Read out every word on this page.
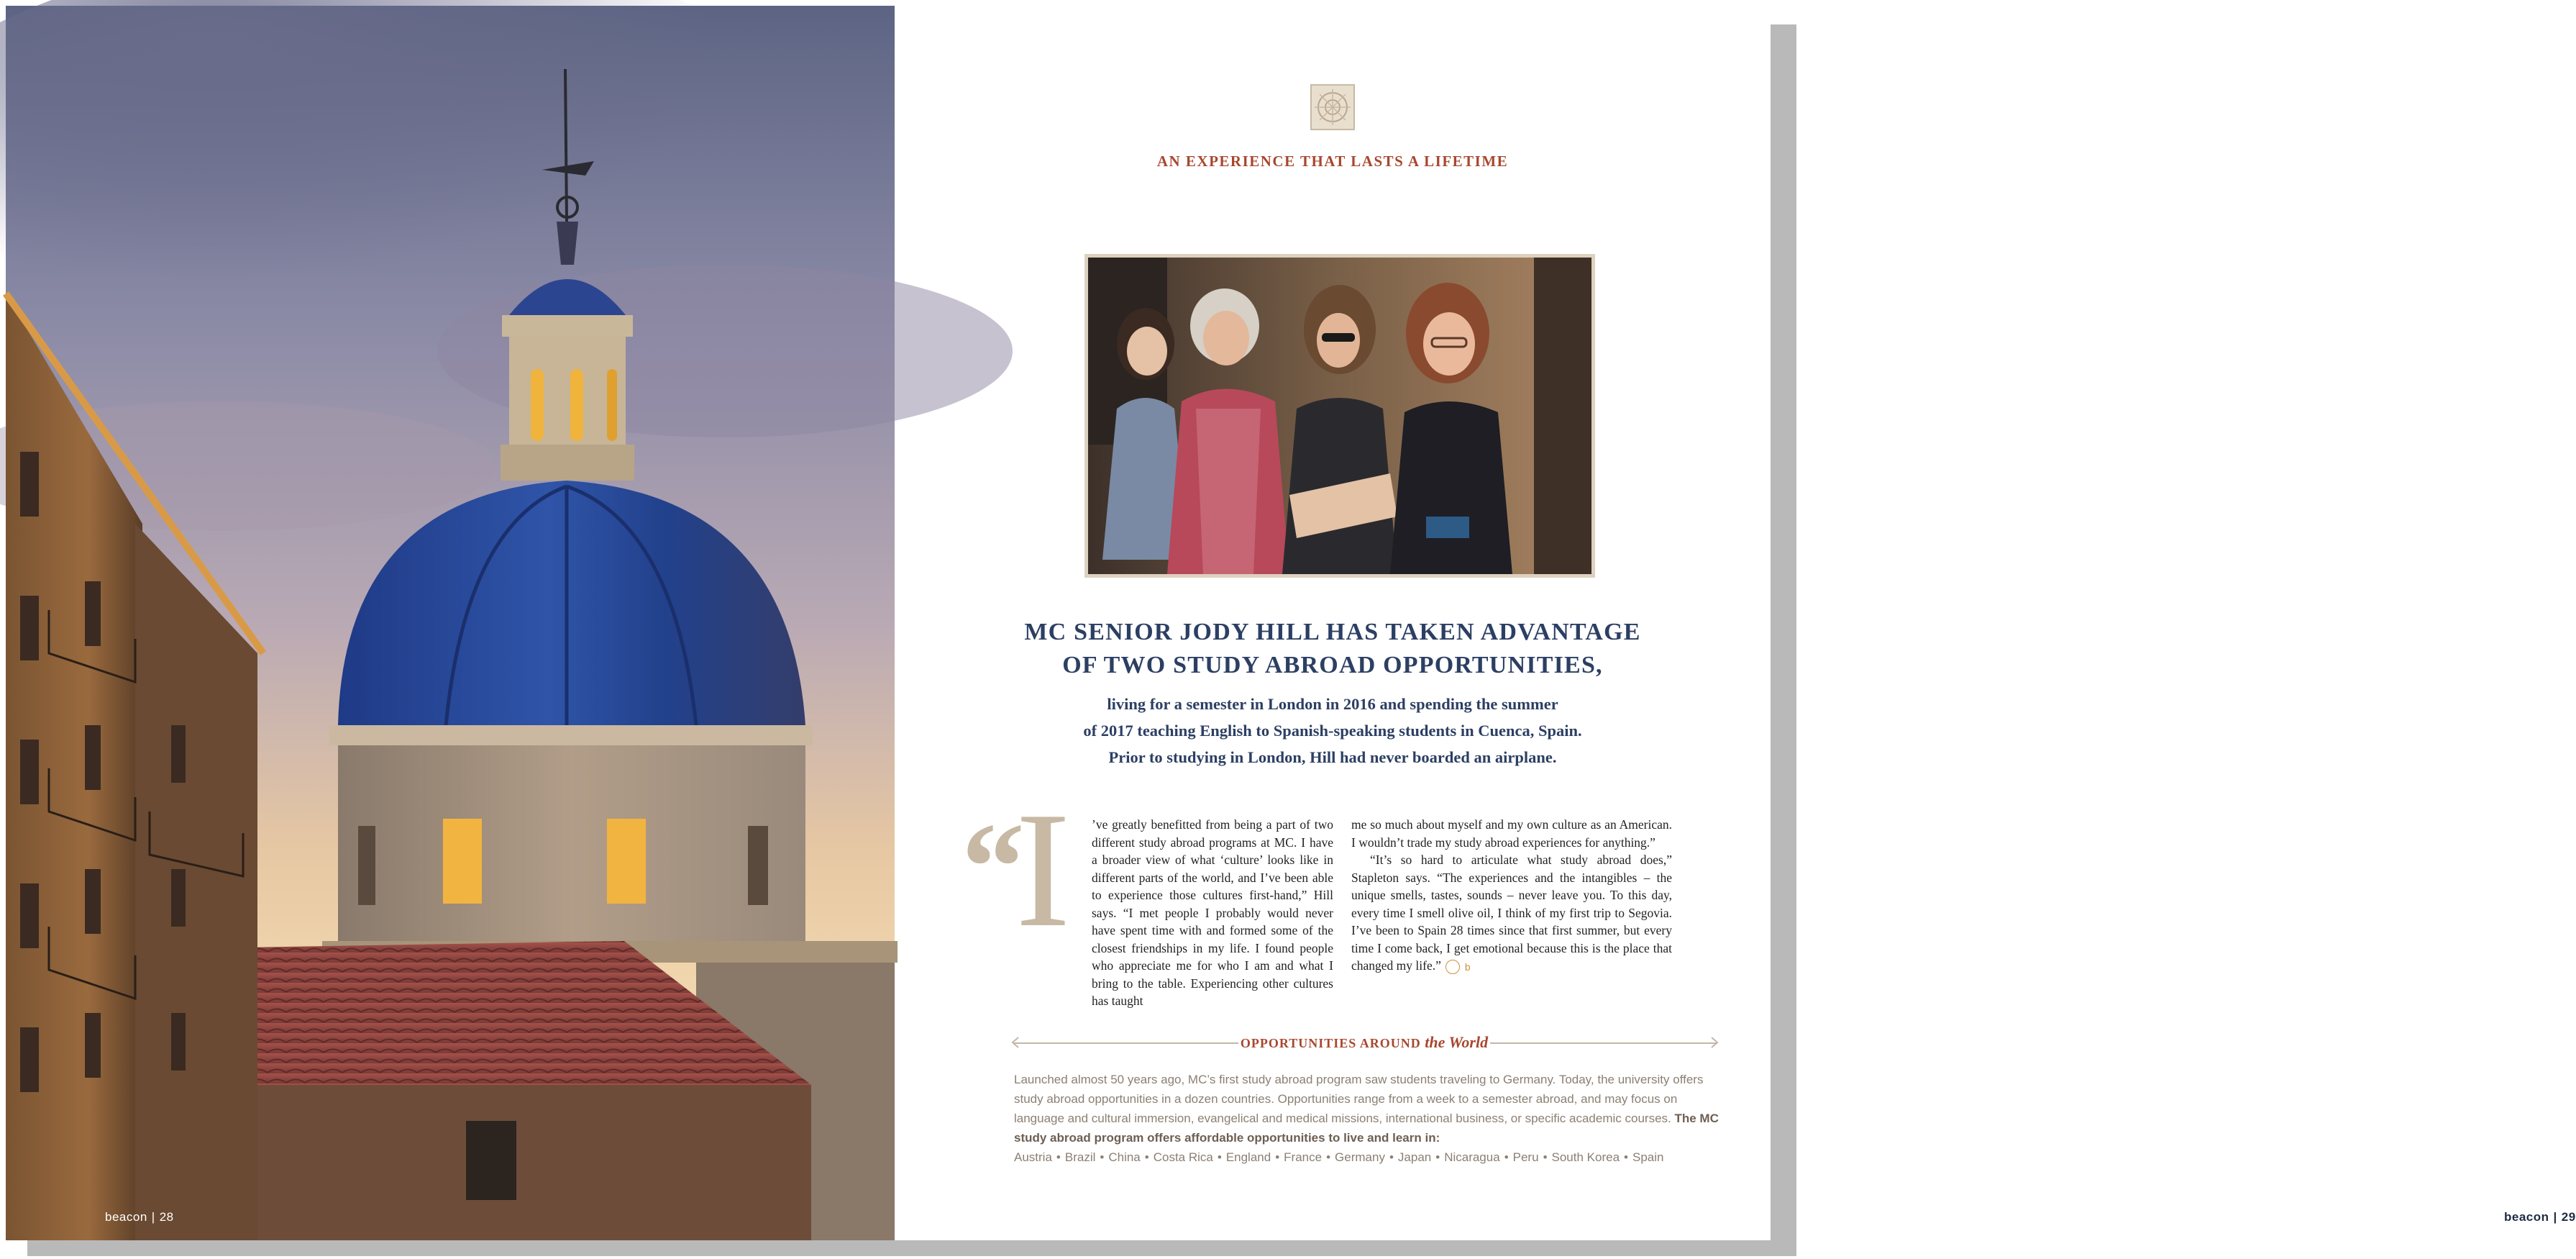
beacon | 28
AN EXPERIENCE THAT LASTS A LIFETIME
MC SENIOR JODY HILL HAS TAKEN ADVANTAGE
OF TWO STUDY ABROAD OPPORTUNITIES,
living for a semester in London in 2016 and spending the summer
of 2017 teaching English to Spanish-speaking students in Cuenca, Spain.
Prior to studying in London, Hill had never boarded an airplane.
“
I ’ve greatly benefitted from being a part of two different study abroad programs at MC. I have a broader view of what ‘culture’ looks like in different parts of the world, and I’ve been able to experience those cultures first-hand,” Hill says. “I met people I probably would never have spent time with and formed some of the closest friendships in my life. I found people who appreciate me for who I am and what I bring to the table. Experiencing other cultures has taught

me so much about myself and my own culture as an American. I wouldn’t trade my study abroad experiences for anything.”

“It’s so hard to articulate what study abroad does,” Stapleton says. “The experiences and the intangibles – the unique smells, tastes, sounds – never leave you. To this day, every time I smell olive oil, I think of my first trip to Segovia. I’ve been to Spain 28 times since that first summer, but every time I come back, I get emotional because this is the place that changed my life.” b

OPPORTUNITIES AROUND the World

Launched almost 50 years ago, MC’s first study abroad program saw students traveling to Germany. Today, the university offers study abroad opportunities in a dozen countries. Opportunities range from a week to a semester abroad, and may focus on language and cultural immersion, evangelical and medical missions, international business, or specific academic courses. The MC study abroad program offers affordable opportunities to live and learn in:

Austria • Brazil • China • Costa Rica • England • France • Germany • Japan • Nicaragua • Peru • South Korea • Spain

beacon | 29
